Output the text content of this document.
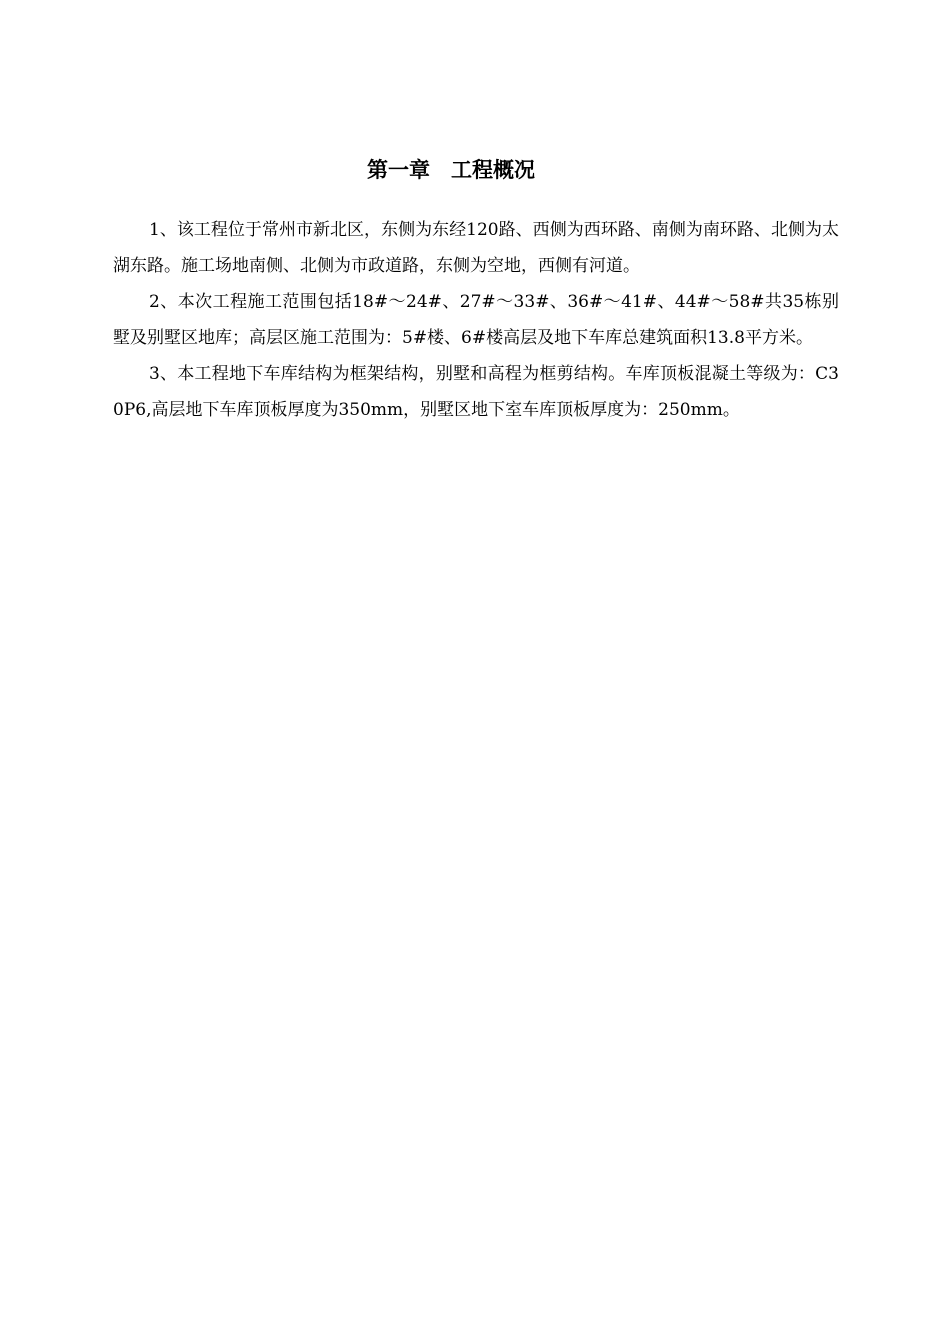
第一章　工程概况

1、该工程位于常州市新北区，东侧为东经120路、西侧为西环路、南侧为南环路、北侧为太湖东路。施工场地南侧、北侧为市政道路，东侧为空地，西侧有河道。

2、本次工程施工范围包括18#～24#、27#～33#、36#～41#、44#～58#共35栋别墅及别墅区地库；高层区施工范围为：5#楼、6#楼高层及地下车库总建筑面积13.8平方米。

3、本工程地下车库结构为框架结构，别墅和高程为框剪结构。车库顶板混凝土等级为：C30P6,高层地下车库顶板厚度为350mm，别墅区地下室车库顶板厚度为：250mm。
